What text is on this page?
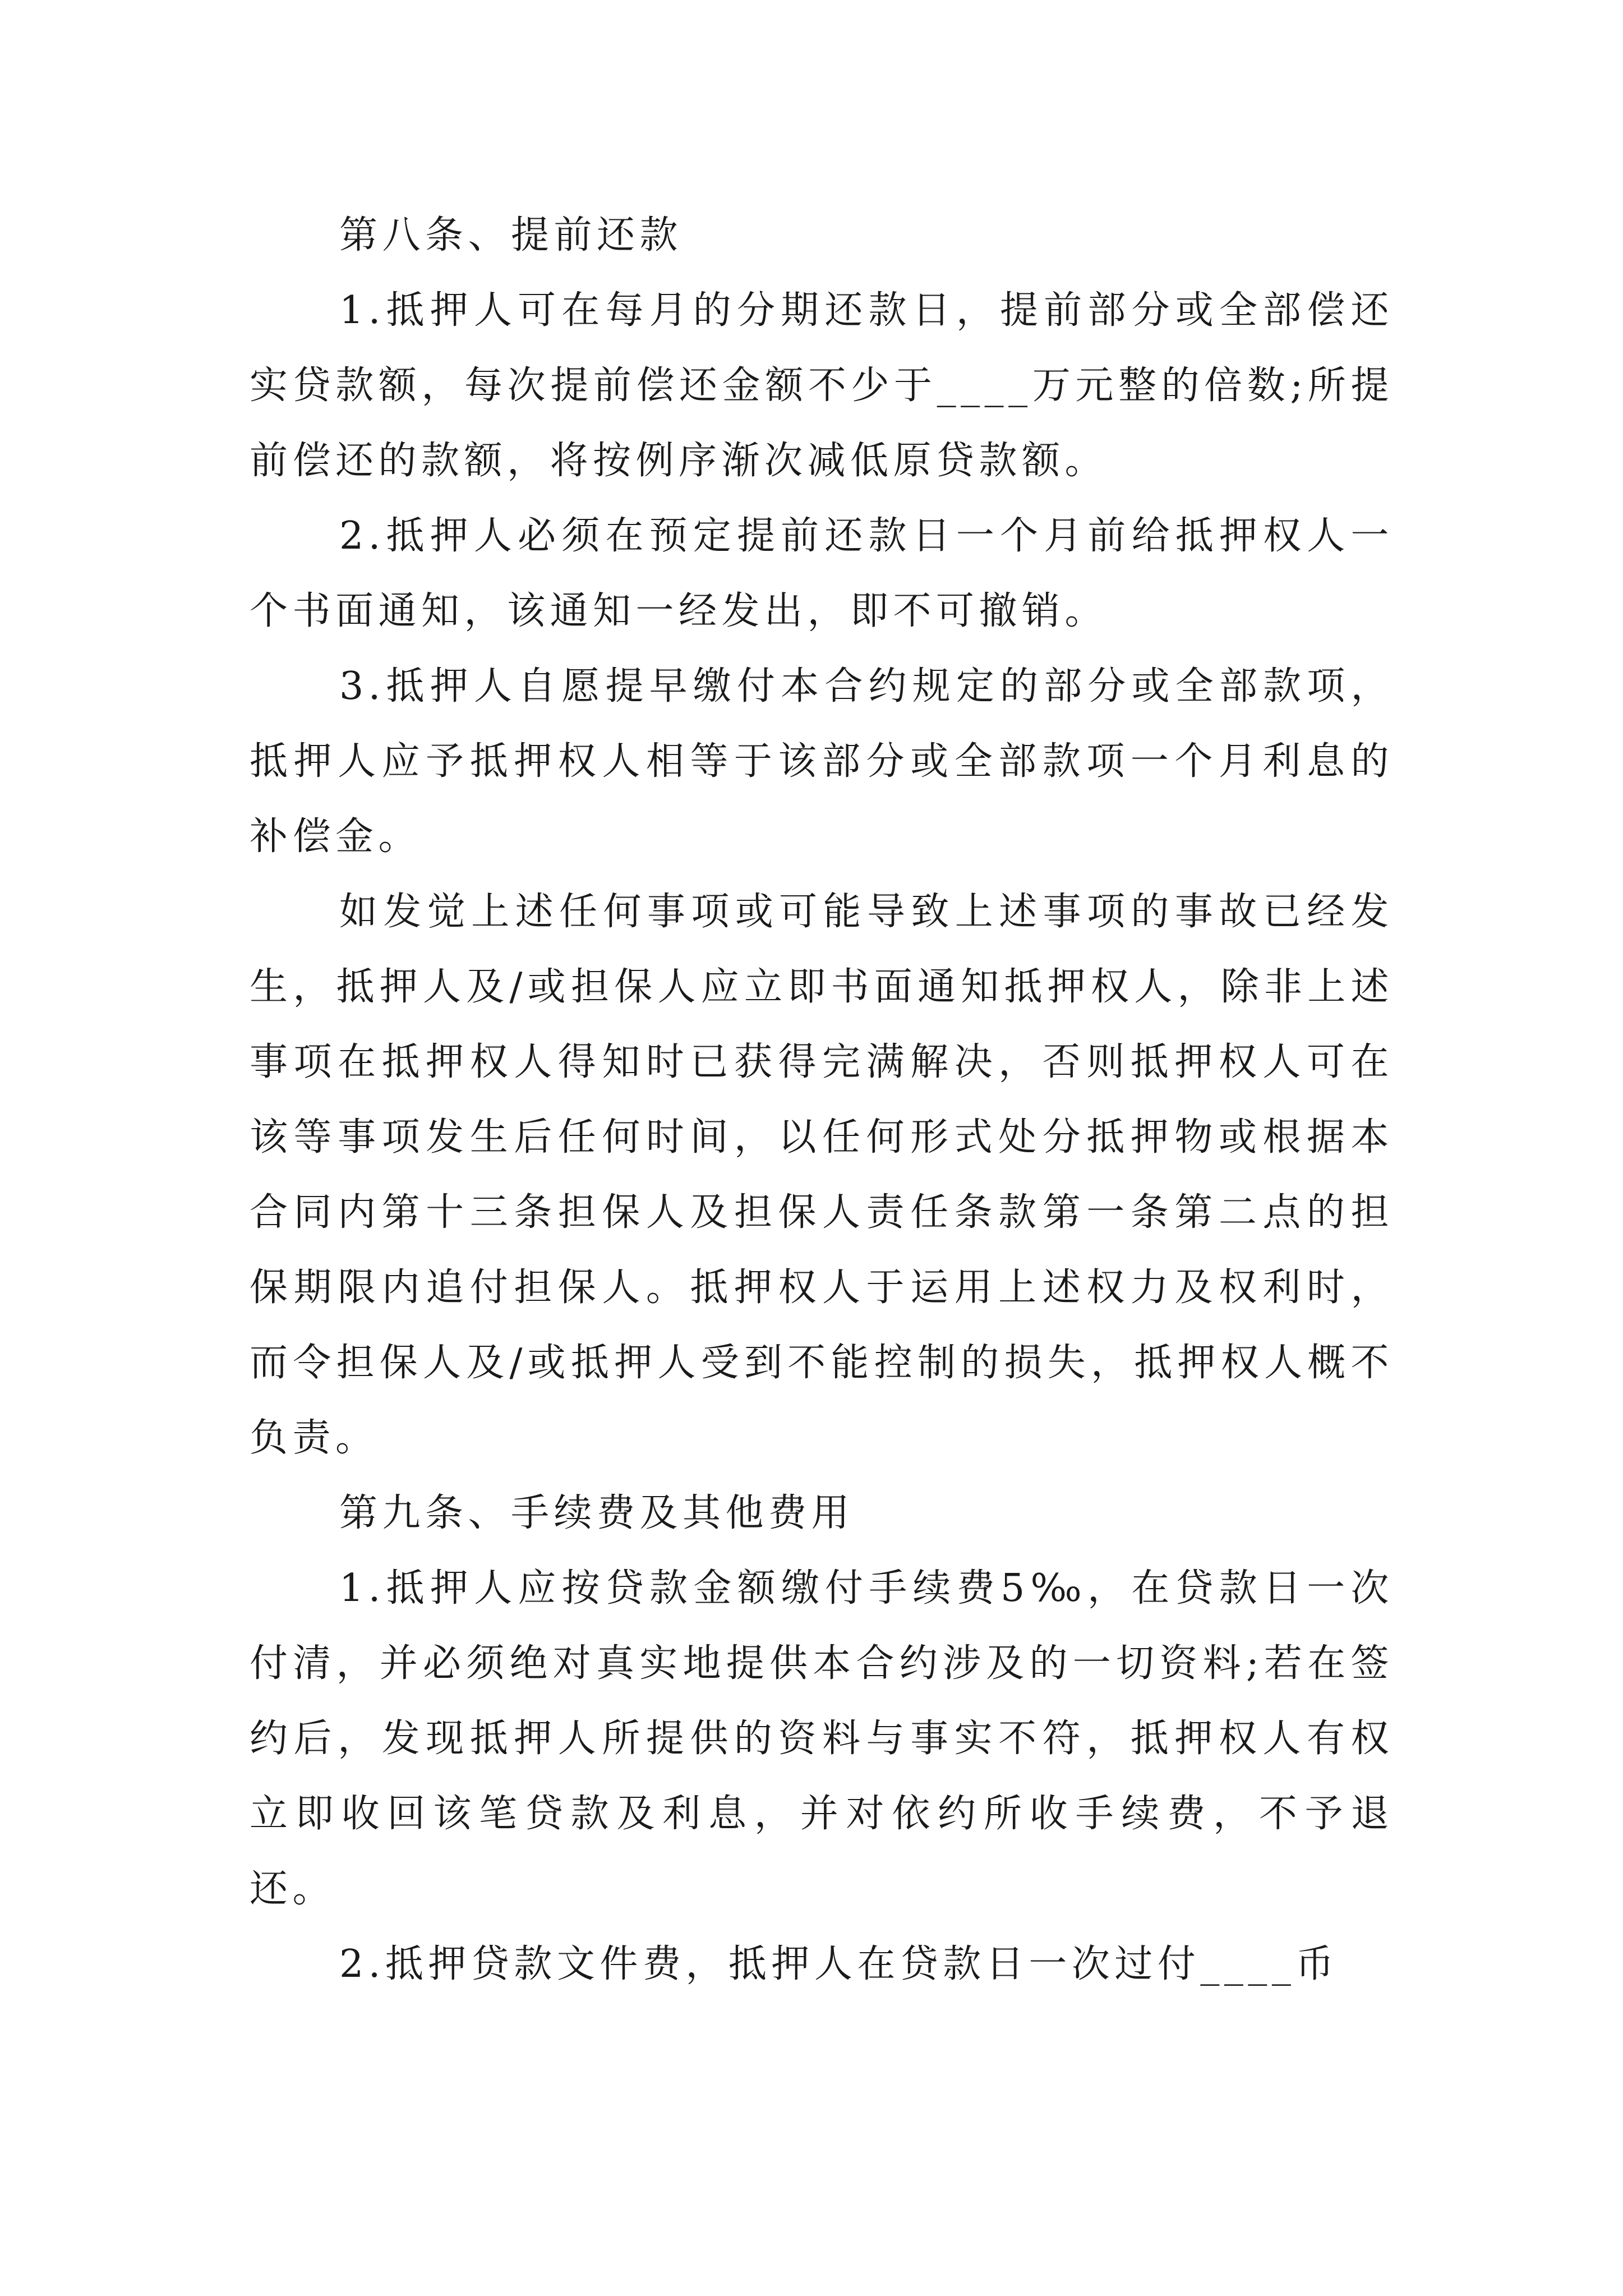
第八条、提前还款

1.抵押人可在每月的分期还款日，提前部分或全部偿还实贷款额，每次提前偿还金额不少于____万元整的倍数;所提前偿还的款额，将按例序渐次减低原贷款额。

2.抵押人必须在预定提前还款日一个月前给抵押权人一个书面通知，该通知一经发出，即不可撤销。

3.抵押人自愿提早缴付本合约规定的部分或全部款项，抵押人应予抵押权人相等于该部分或全部款项一个月利息的补偿金。

如发觉上述任何事项或可能导致上述事项的事故已经发生，抵押人及/或担保人应立即书面通知抵押权人，除非上述事项在抵押权人得知时已获得完满解决，否则抵押权人可在该等事项发生后任何时间，以任何形式处分抵押物或根据本合同内第十三条担保人及担保人责任条款第一条第二点的担保期限内追付担保人。抵押权人于运用上述权力及权利时，而令担保人及/或抵押人受到不能控制的损失，抵押权人概不负责。

第九条、手续费及其他费用

1.抵押人应按贷款金额缴付手续费5‰，在贷款日一次付清，并必须绝对真实地提供本合约涉及的一切资料;若在签约后，发现抵押人所提供的资料与事实不符，抵押权人有权立即收回该笔贷款及利息，并对依约所收手续费，不予退还。

2.抵押贷款文件费，抵押人在贷款日一次过付____币
